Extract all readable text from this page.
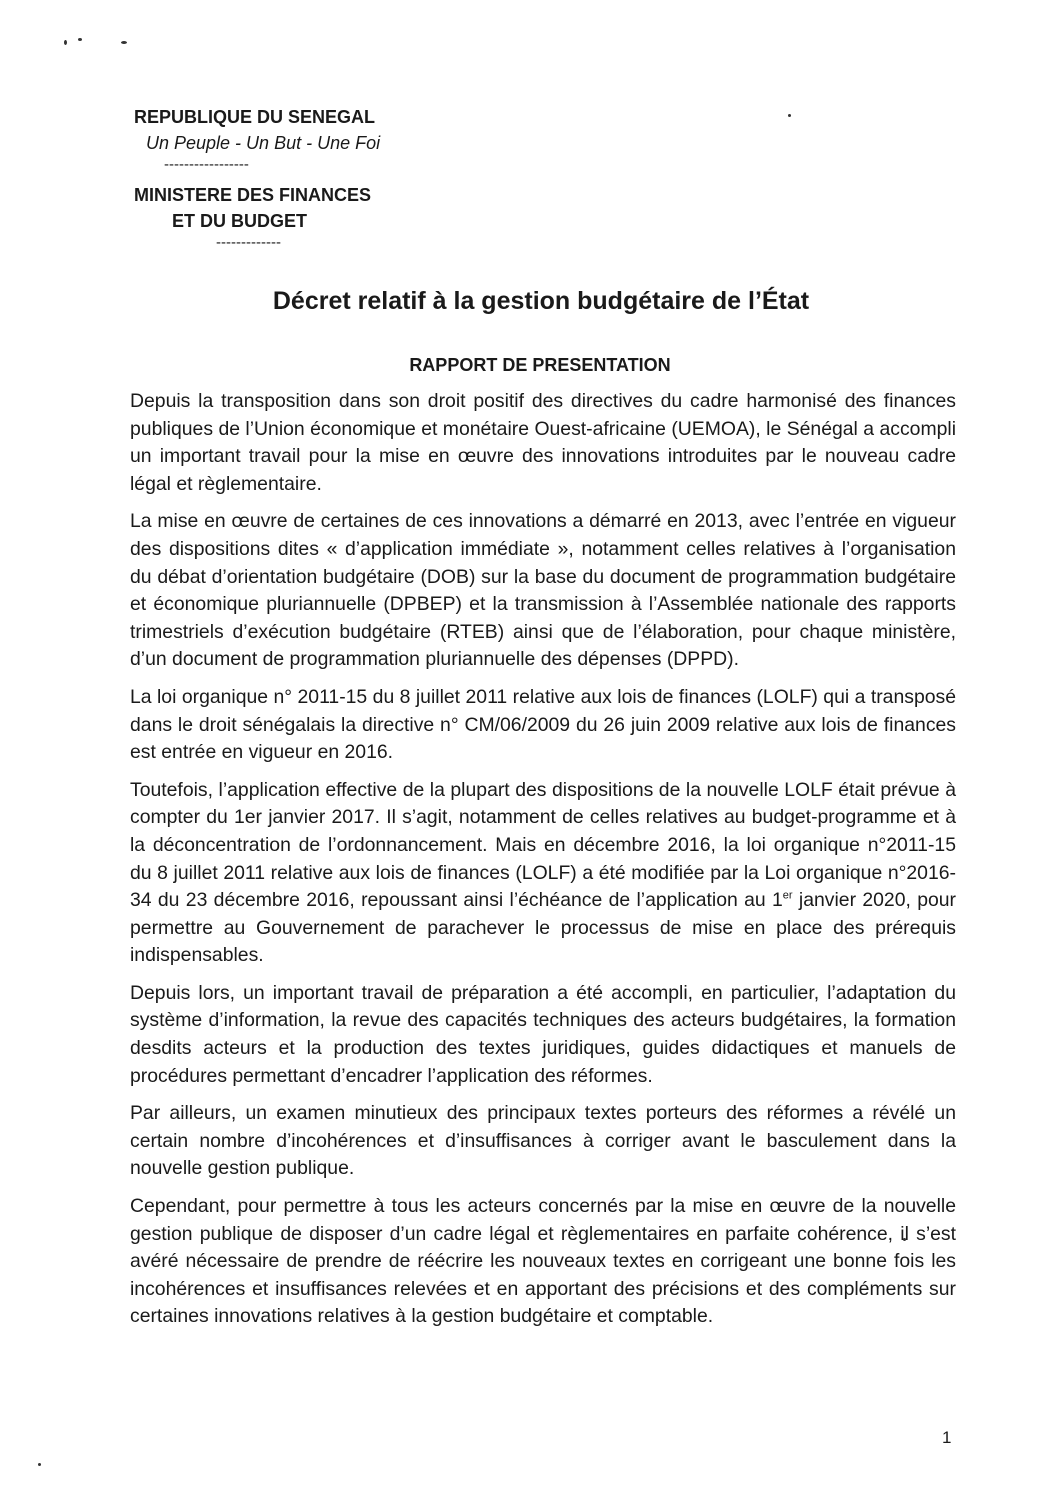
REPUBLIQUE DU SENEGAL
Un Peuple - Un But - Une Foi
-----------------
MINISTERE DES FINANCES
ET DU BUDGET
-------------
Décret relatif à la gestion budgétaire de l’État
RAPPORT DE PRESENTATION

Depuis la transposition dans son droit positif des directives du cadre harmonisé des finances publiques de l’Union économique et monétaire Ouest-africaine (UEMOA), le Sénégal a accompli un important travail pour la mise en œuvre des innovations introduites par le nouveau cadre légal et règlementaire.

La mise en œuvre de certaines de ces innovations a démarré en 2013, avec l’entrée en vigueur des dispositions dites « d’application immédiate », notamment celles relatives à l’organisation du débat d’orientation budgétaire (DOB) sur la base du document de programmation budgétaire et économique pluriannuelle (DPBEP) et la transmission à l’Assemblée nationale des rapports trimestriels d’exécution budgétaire (RTEB) ainsi que de l’élaboration, pour chaque ministère, d’un document de programmation pluriannuelle des dépenses (DPPD).

La loi organique n° 2011-15 du 8 juillet 2011 relative aux lois de finances (LOLF) qui a transposé dans le droit sénégalais la directive n° CM/06/2009 du 26 juin 2009 relative aux lois de finances est entrée en vigueur en 2016.

Toutefois, l’application effective de la plupart des dispositions de la nouvelle LOLF était prévue à compter du 1er janvier 2017. Il s’agit, notamment de celles relatives au budget-programme et à la déconcentration de l’ordonnancement. Mais en décembre 2016, la loi organique n°2011-15 du 8 juillet 2011 relative aux lois de finances (LOLF) a été modifiée par la Loi organique n°2016-34 du 23 décembre 2016, repoussant ainsi l’échéance de l’application au 1er janvier 2020, pour permettre au Gouvernement de parachever le processus de mise en place des prérequis indispensables.

Depuis lors, un important travail de préparation a été accompli, en particulier, l’adaptation du système d’information, la revue des capacités techniques des acteurs budgétaires, la formation desdits acteurs et la production des textes juridiques, guides didactiques et manuels de procédures permettant d’encadrer l’application des réformes.

Par ailleurs, un examen minutieux des principaux textes porteurs des réformes a révélé un certain nombre d’incohérences et d’insuffisances à corriger avant le basculement dans la nouvelle gestion publique.

Cependant, pour permettre à tous les acteurs concernés par la mise en œuvre de la nouvelle gestion publique de disposer d’un cadre légal et règlementaires en parfaite cohérence, il s’est avéré nécessaire de prendre de réécrire les nouveaux textes en corrigeant une bonne fois les incohérences et insuffisances relevées et en apportant des précisions et des compléments sur certaines innovations relatives à la gestion budgétaire et comptable.

1
